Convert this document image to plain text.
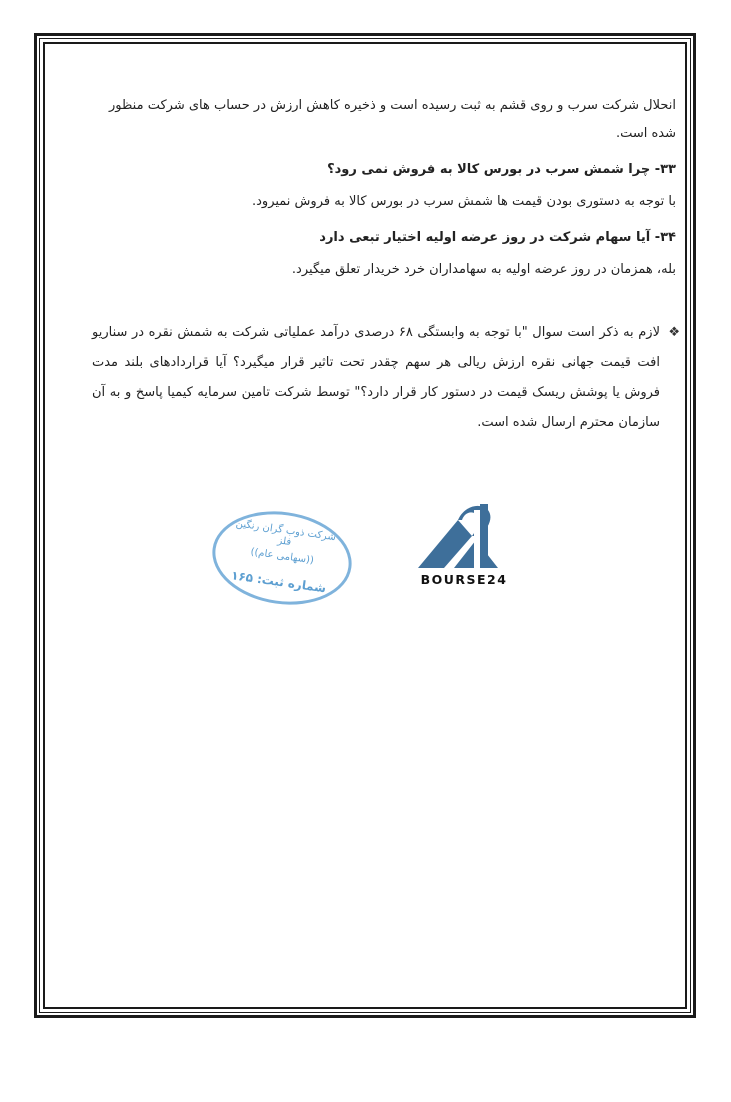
انحلال شرکت سرب و روی قشم به ثبت رسیده است و ذخیره کاهش ارزش در حساب های شرکت منظور

شده است.

۳۳- چرا شمش سرب در بورس کالا به فروش نمی رود؟

با توجه به دستوری بودن قیمت ها شمش سرب در بورس کالا به فروش نمیرود.

۳۴- آیا سهام شرکت در روز عرضه اولیه اختیار تبعی دارد

بله، همزمان در روز عرضه اولیه به سهامداران خرد خریدار تعلق میگیرد.

❖
لازم به ذکر است سوال "با توجه به وابستگی ۶۸ درصدی درآمد عملیاتی شرکت به شمش نقره در سناریو افت قیمت جهانی نقره ارزش ریالی هر سهم چقدر تحت تاثیر قرار میگیرد؟ آیا قراردادهای بلند مدت فروش یا پوشش ریسک قیمت در دستور کار قرار دارد؟" توسط شرکت تامین سرمایه کیمیا پاسخ و به آن سازمان محترم ارسال شده است.
شرکت ذوب گران رنگین فلز
((سهامی عام))
شماره ثبت: ۱۶۵	BOURSE24
